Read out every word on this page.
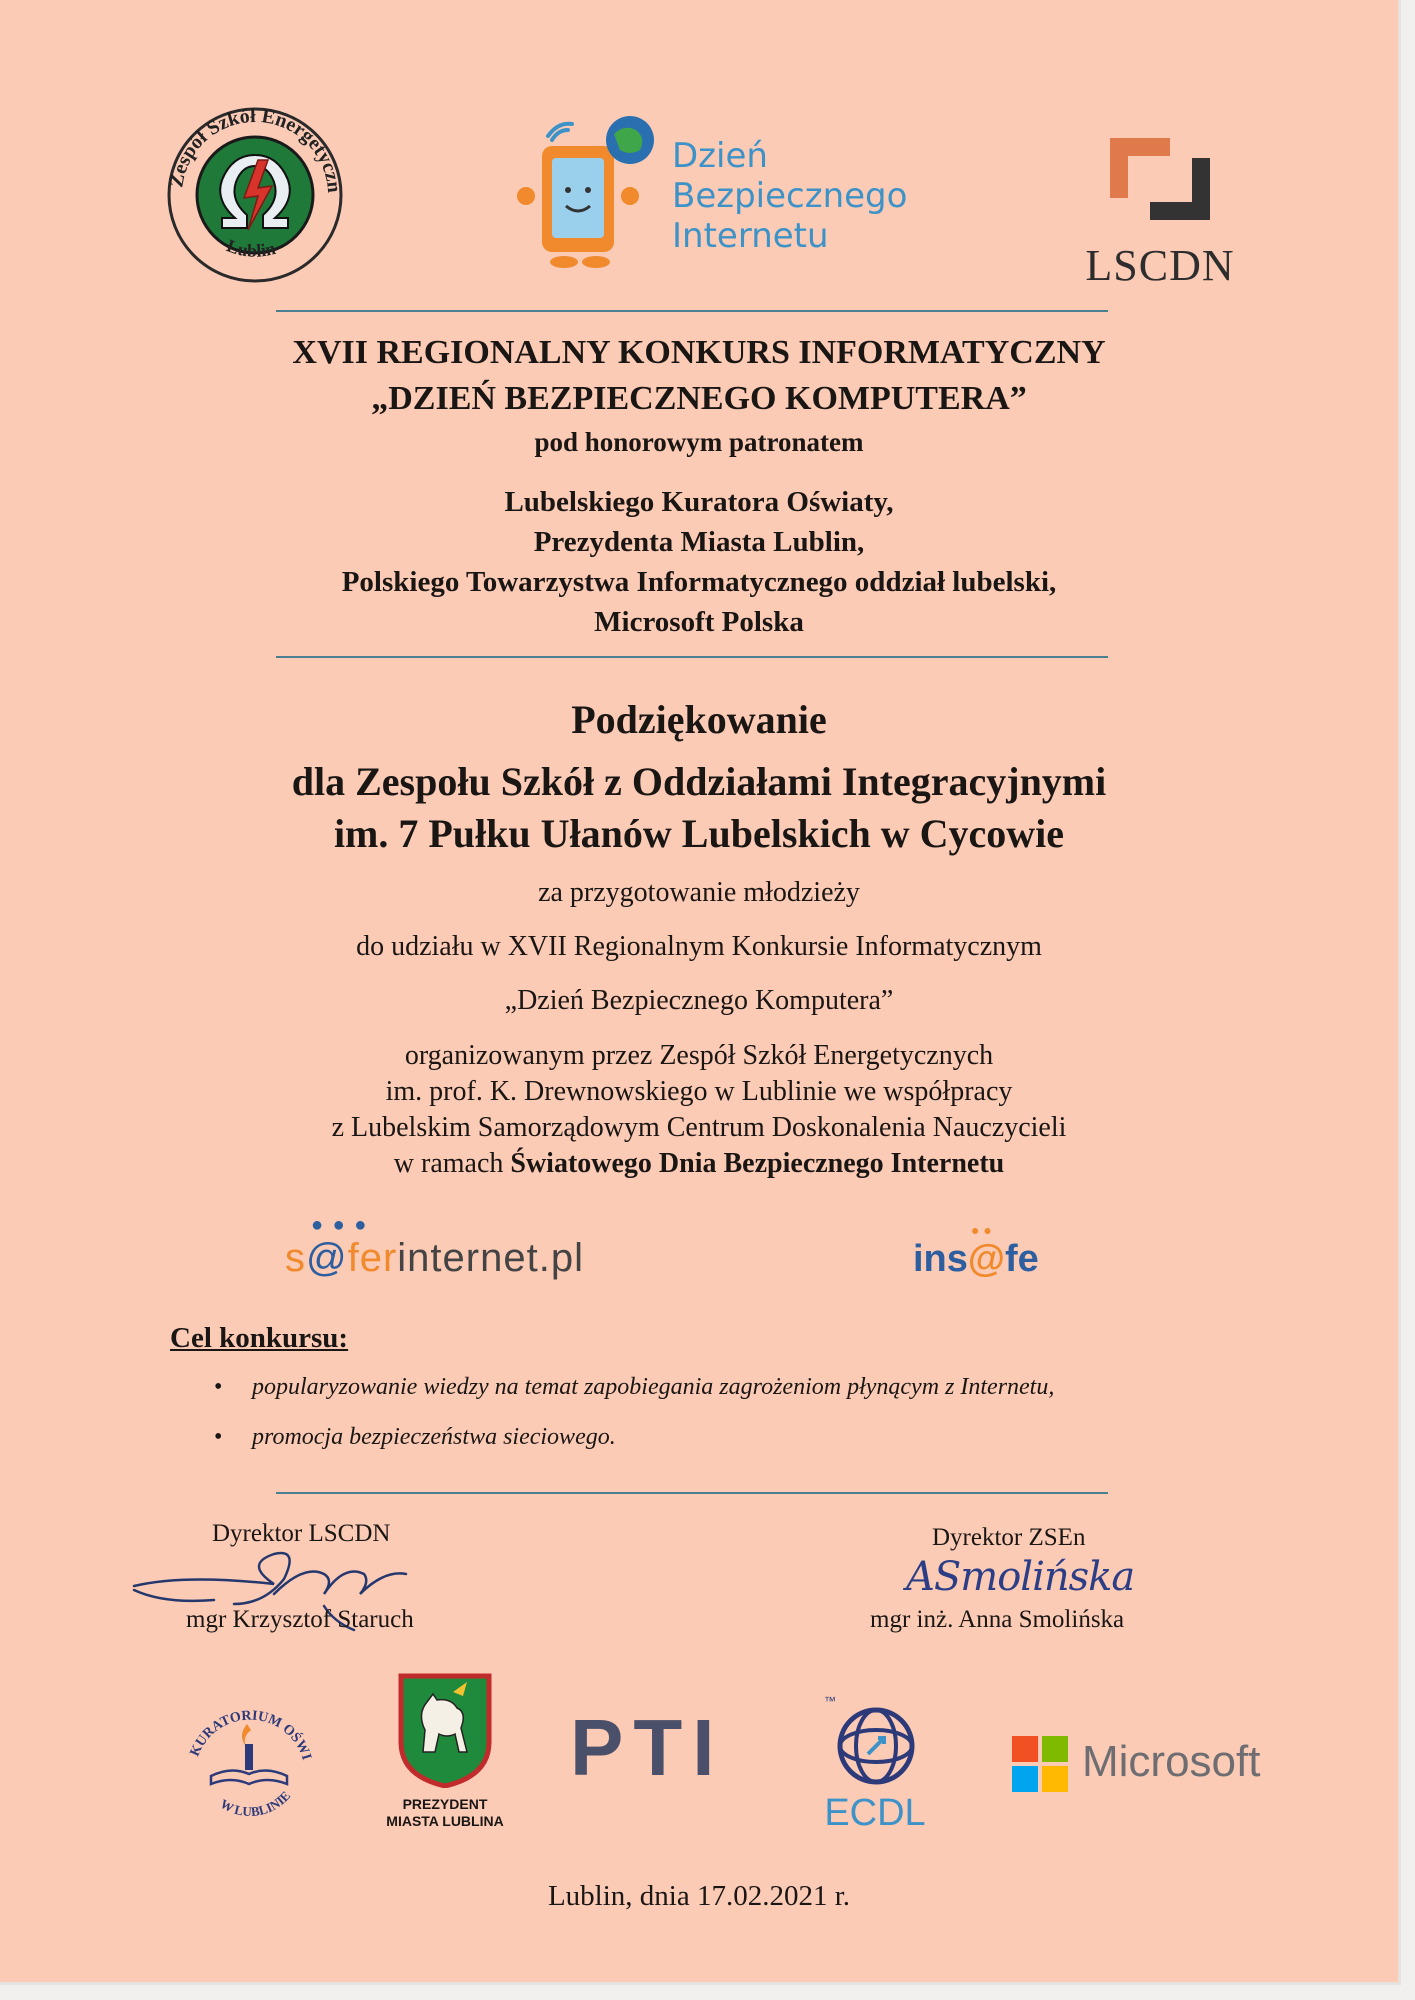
Zespół Szkół Energetyczn
Lublin
Dzień
Bezpiecznego
Internetu
LSCDN
XVII REGIONALNY KONKURS INFORMATYCZNY
„DZIEŃ BEZPIECZNEGO KOMPUTERA”
pod honorowym patronatem
Lubelskiego Kuratora Oświaty,
Prezydenta Miasta Lublin,
Polskiego Towarzystwa Informatycznego oddział lubelski,
Microsoft Polska
Podziękowanie
dla Zespołu Szkół z Oddziałami Integracyjnymi
im. 7 Pułku Ułanów Lubelskich w Cycowie
za przygotowanie młodzieży
do udziału w XVII Regionalnym Konkursie Informatycznym
„Dzień Bezpiecznego Komputera”
organizowanym przez Zespół Szkół Energetycznych
im. prof. K. Drewnowskiego w Lublinie we współpracy
z Lubelskim Samorządowym Centrum Doskonalenia Nauczycieli
w ramach Światowego Dnia Bezpiecznego Internetu
● ● ●
s@ferinternet.pl
● ●
ins@fe
Cel konkursu:
• popularyzowanie wiedzy na temat zapobiegania zagrożeniom płynącym z Internetu,
• promocja bezpieczeństwa sieciowego.
Dyrektor LSCDN
mgr Krzysztof Staruch
Dyrektor ZSEn
ASmolińska
mgr inż. Anna Smolińska
KURATORIUM OŚWI
W LUBLINIE	PREZYDENT
MIASTA LUBLINA
PTI
™
ECDL
Microsoft
Lublin, dnia 17.02.2021 r.
